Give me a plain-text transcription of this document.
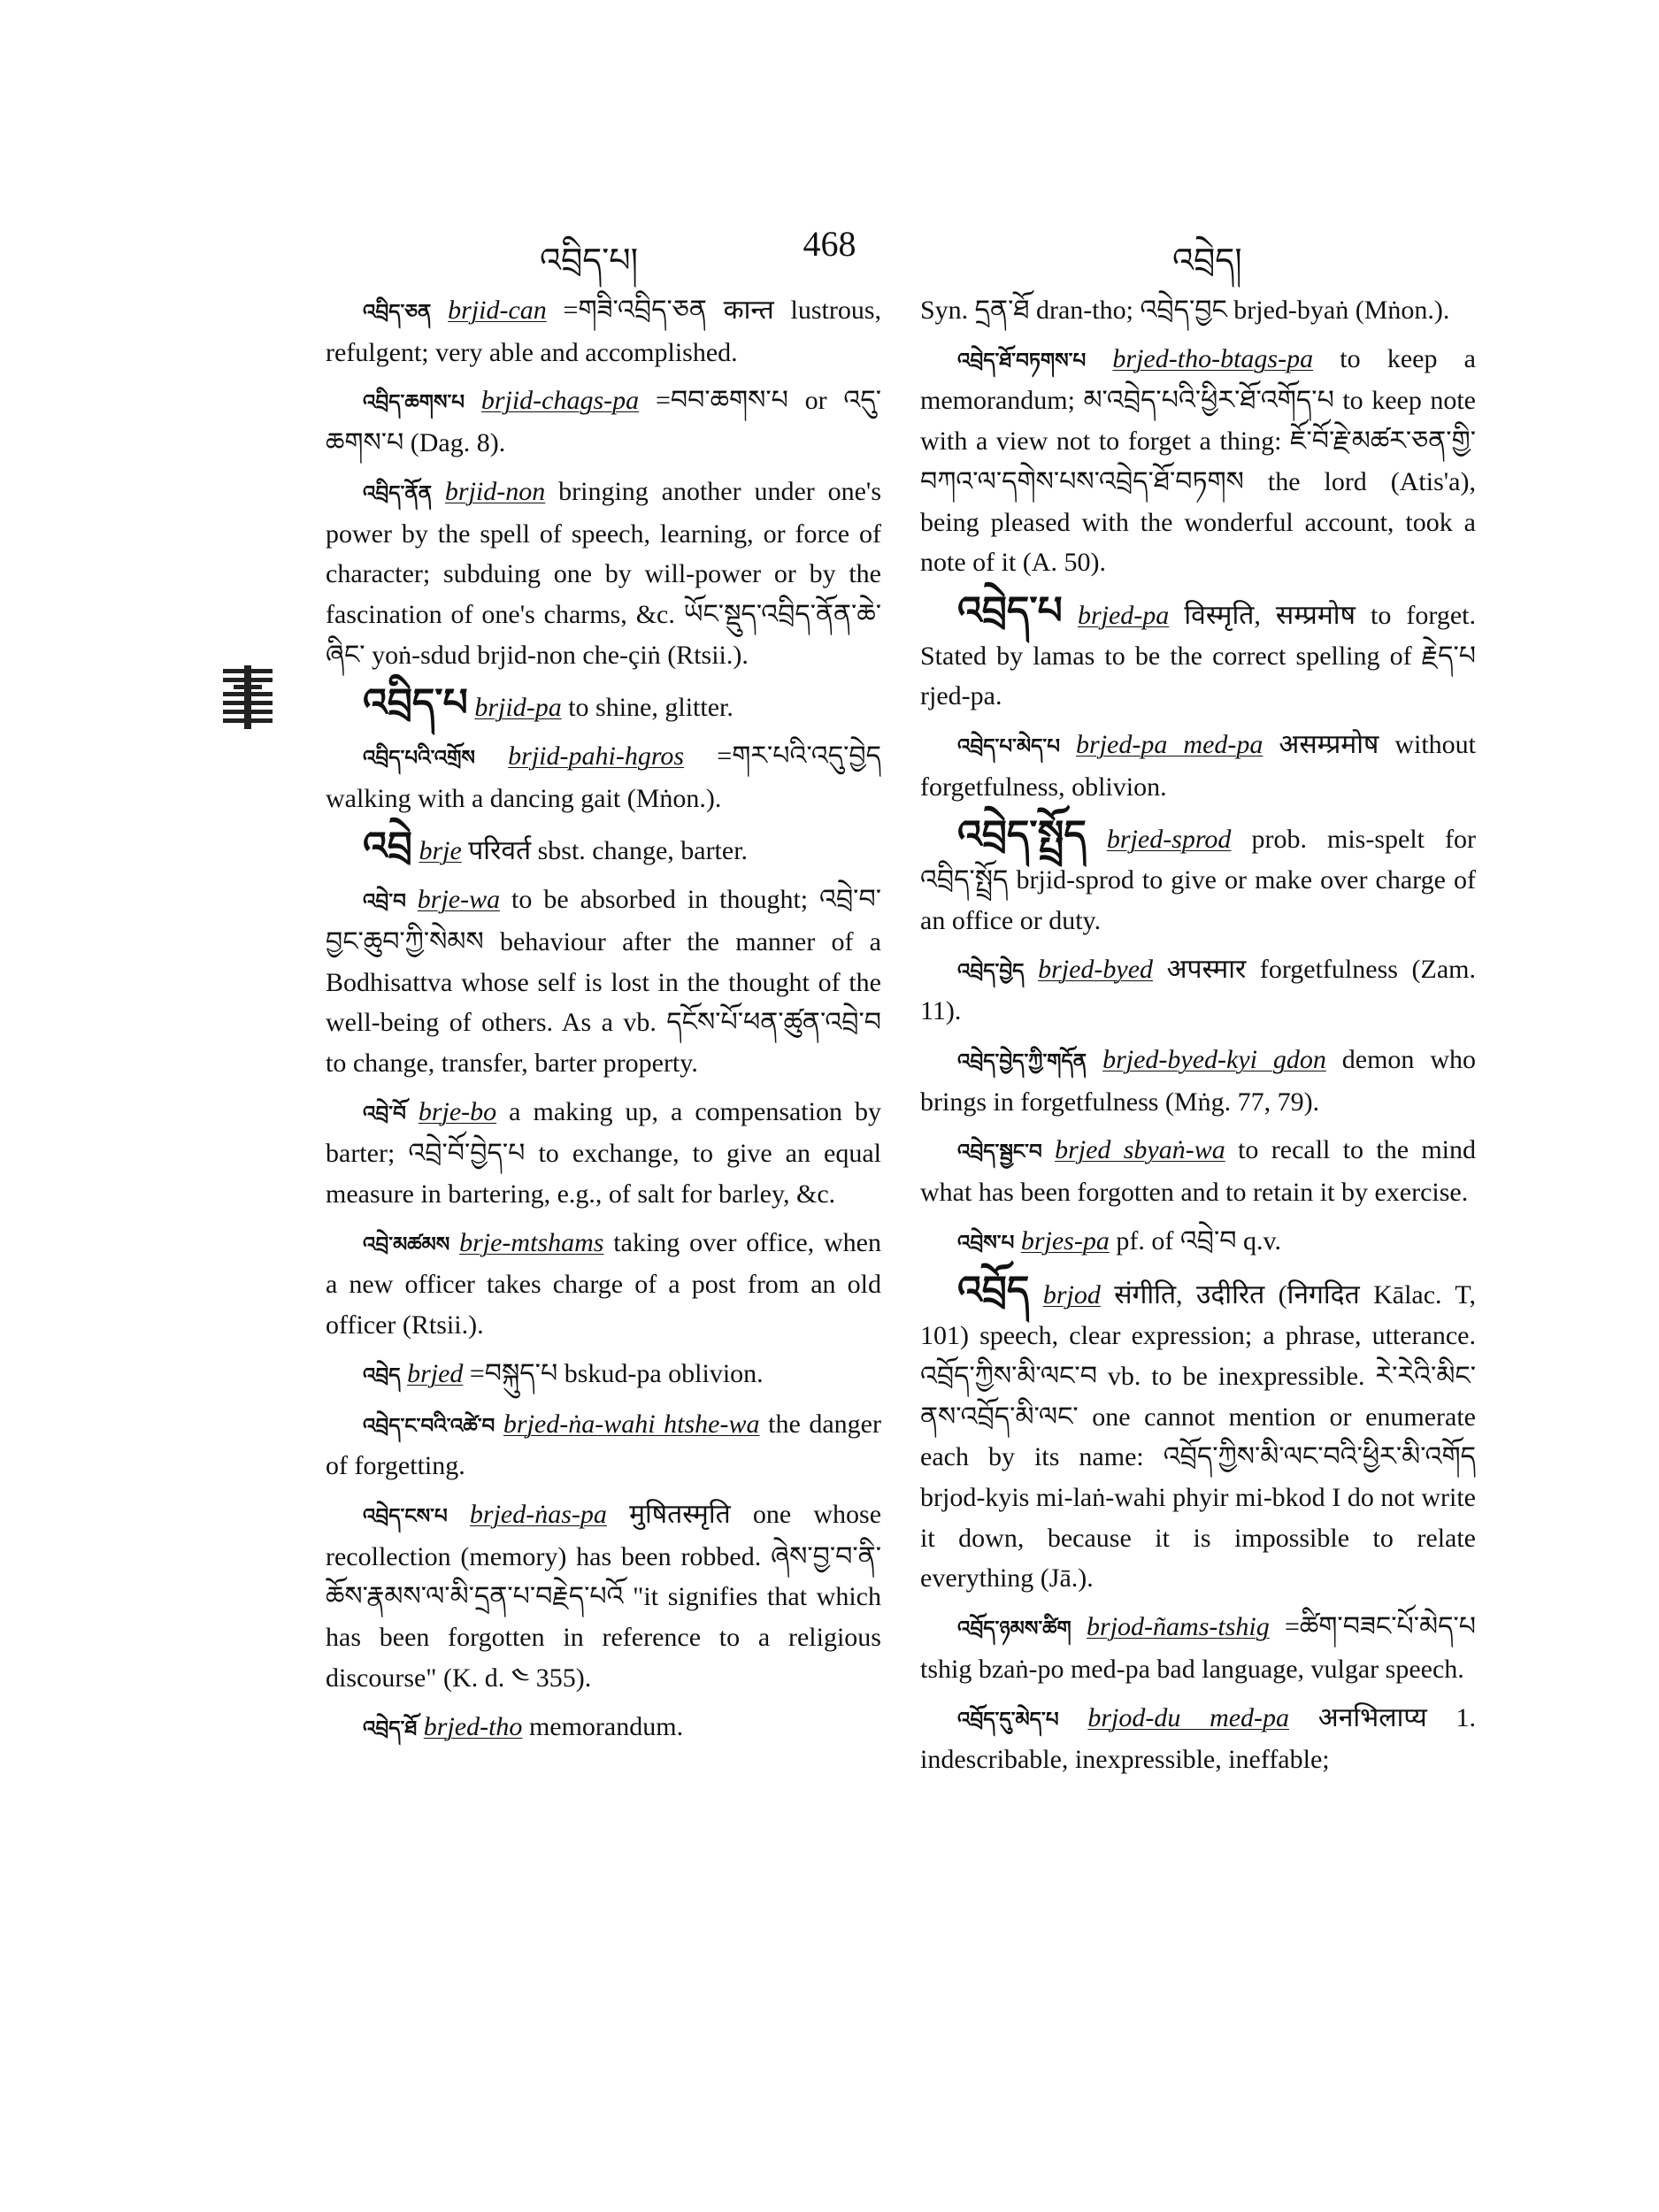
འབྲིད་པ།	468	འབྲེད།

འབྲིད་ཅན brjid-can =གཟི་འབྲིད་ཅན कान्त lustrous, refulgent; very able and accomplished.

འབྲིད་ཆགས་པ brjid-chags-pa =བབ་ཆགས་པ or འདུ་ཆགས་པ (Dag. 8).

འབྲིད་ནོན brjid-non bringing another under one's power by the spell of speech, learning, or force of character; subduing one by will-power or by the fascination of one's charms, &c. ཡོང་སྡུད་འབྲིད་ནོན་ཆེ་ཞིང་ yoṅ-sdud brjid-non che-çiṅ (Rtsii.).

འབྲིད་པ brjid-pa to shine, glitter.

འབྲིད་པའི་འགྲོས brjid-pahi-hgros =གར་པའི་འདུ་བྱེད walking with a dancing gait (Mṅon.).

འབྲེ brje परिवर्त sbst. change, barter.

འབྲེ་བ brje-wa to be absorbed in thought; འབྲེ་བ་བྱང་ཆུབ་ཀྱི་སེམས behaviour after the manner of a Bodhisattva whose self is lost in the thought of the well-being of others. As a vb. དངོས་པོ་ཕན་ཚུན་འབྲེ་བ to change, transfer, barter property.

འབྲེ་བོ brje-bo a making up, a compensation by barter; འབྲེ་བོ་བྱེད་པ to exchange, to give an equal measure in bartering, e.g., of salt for barley, &c.

འབྲེ་མཚམས brje-mtshams taking over office, when a new officer takes charge of a post from an old officer (Rtsii.).

འབྲེད brjed =བསྐུད་པ bskud-pa oblivion.

འབྲེད་ང་བའི་འཚེ་བ brjed-ṅa-wahi htshe-wa the danger of forgetting.

འབྲེད་ངས་པ brjed-ṅas-pa मुषितस्मृति one whose recollection (memory) has been robbed. ཞེས་བྱ་བ་ནི་ཆོས་རྣམས་ལ་མི་དྲན་པ་བརྗེད་པའོ "it signifies that which has been forgotten in reference to a religious discourse" (K. d. ༤ 355).

འབྲེད་ཐོ brjed-tho memorandum.

Syn. དྲན་ཐོ dran-tho; འབྲེད་བྱང brjed-byaṅ (Mṅon.).

འབྲེད་ཐོ་བཏགས་པ brjed-tho-btags-pa to keep a memorandum; མ་འབྲེད་པའི་ཕྱིར་ཐོ་འགོད་པ to keep note with a view not to forget a thing: ཇོ་བོ་རྗེ་མཚར་ཅན་གྱི་བཀའ་ལ་དགེས་པས་འབྲེད་ཐོ་བཏགས the lord (Atis'a), being pleased with the wonderful account, took a note of it (A. 50).

འབྲེད་པ brjed-pa विस्मृति, सम्प्रमोष to forget. Stated by lamas to be the correct spelling of རྗེད་པ rjed-pa.

འབྲེད་པ་མེད་པ brjed-pa med-pa असम्प्रमोष without forgetfulness, oblivion.

འབྲེད་སྤྲོད brjed-sprod prob. mis-spelt for འབྲིད་སྤྲོད brjid-sprod to give or make over charge of an office or duty.

འབྲེད་བྱེད brjed-byed अपस्मार forgetfulness (Zam. 11).

འབྲེད་བྱེད་ཀྱི་གདོན brjed-byed-kyi gdon demon who brings in forgetfulness (Mṅg. 77, 79).

འབྲེད་སྦྱང་བ brjed sbyaṅ-wa to recall to the mind what has been forgotten and to retain it by exercise.

འབྲེས་པ brjes-pa pf. of འབྲེ་བ q.v.

འབྲོད brjod संगीति, उदीरित (निगदित Kālac. T, 101) speech, clear expression; a phrase, utterance. འབྲོད་ཀྱིས་མི་ལང་བ vb. to be inexpressible. རེ་རེའི་མིང་ནས་འབྲོད་མི་ལང་ one cannot mention or enumerate each by its name: འབྲོད་ཀྱིས་མི་ལང་བའི་ཕྱིར་མི་འགོད brjod-kyis mi-laṅ-wahi phyir mi-bkod I do not write it down, because it is impossible to relate everything (Jā.).

འབྲོད་ཉམས་ཚིག brjod-ñams-tshig =ཚིག་བཟང་པོ་མེད་པ tshig bzaṅ-po med-pa bad language, vulgar speech.

འབྲོད་དུ་མེད་པ brjod-du med-pa अनभिलाप्य 1. indescribable, inexpressible, ineffable;
